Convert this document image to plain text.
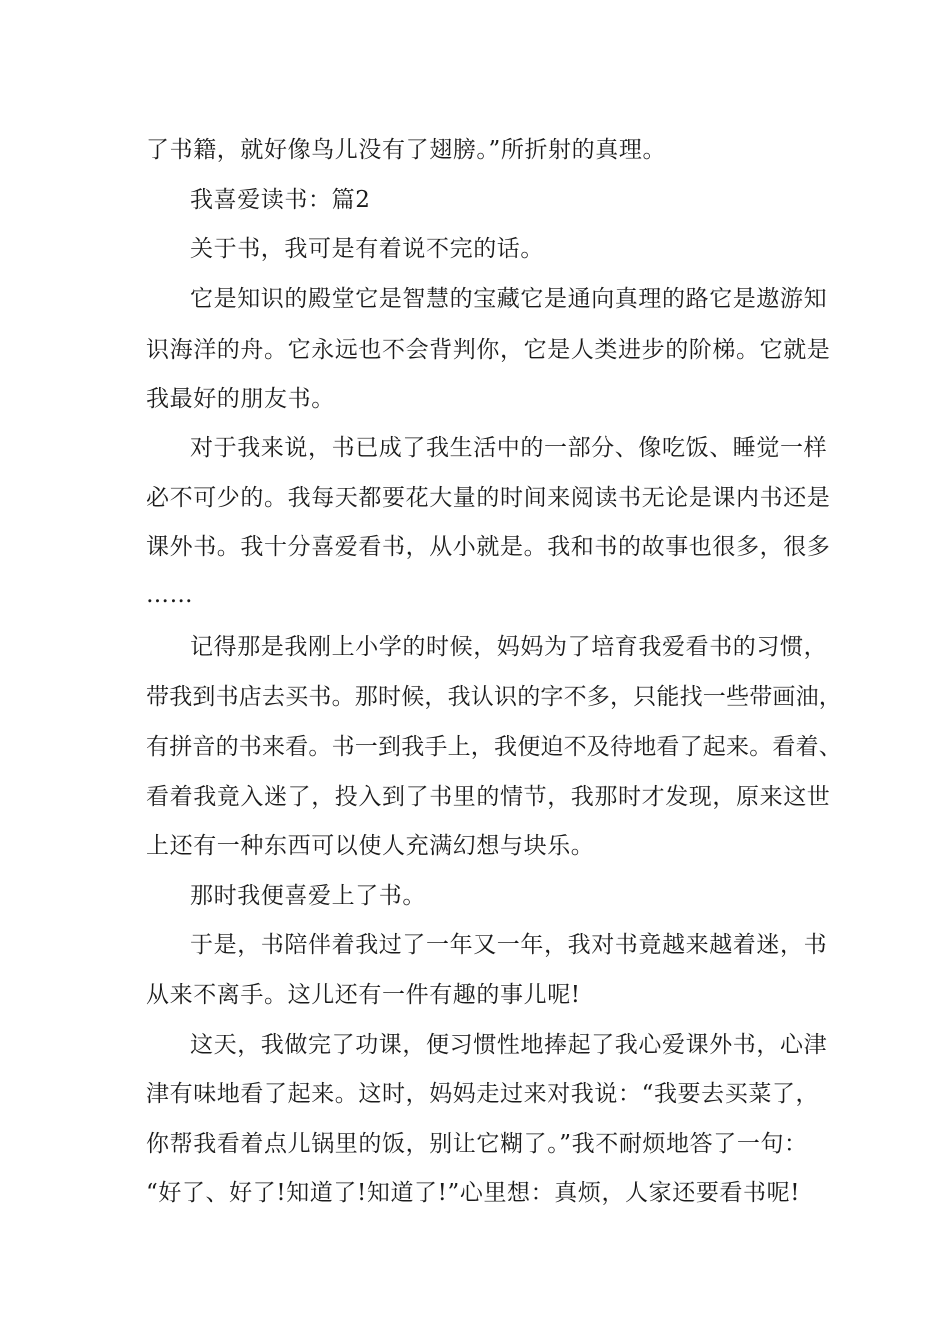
了书籍，就好像鸟儿没有了翅膀。”所折射的真理。
我喜爱读书：篇2
关于书，我可是有着说不完的话。
它是知识的殿堂它是智慧的宝藏它是通向真理的路它是遨游知
识海洋的舟。它永远也不会背判你，它是人类进步的阶梯。它就是
我最好的朋友书。
对于我来说，书已成了我生活中的一部分、像吃饭、睡觉一样
必不可少的。我每天都要花大量的时间来阅读书无论是课内书还是
课外书。我十分喜爱看书，从小就是。我和书的故事也很多，很多
……
记得那是我刚上小学的时候，妈妈为了培育我爱看书的习惯，
带我到书店去买书。那时候，我认识的字不多，只能找一些带画油，
有拼音的书来看。书一到我手上，我便迫不及待地看了起来。看着、
看着我竟入迷了，投入到了书里的情节，我那时才发现，原来这世
上还有一种东西可以使人充满幻想与块乐。
那时我便喜爱上了书。
于是，书陪伴着我过了一年又一年，我对书竟越来越着迷，书
从来不离手。这儿还有一件有趣的事儿呢!
这天，我做完了功课，便习惯性地捧起了我心爱课外书，心津
津有味地看了起来。这时，妈妈走过来对我说：“我要去买菜了，
你帮我看着点儿锅里的饭，别让它糊了。”我不耐烦地答了一句：
“好了、好了!知道了!知道了!”心里想：真烦，人家还要看书呢!
